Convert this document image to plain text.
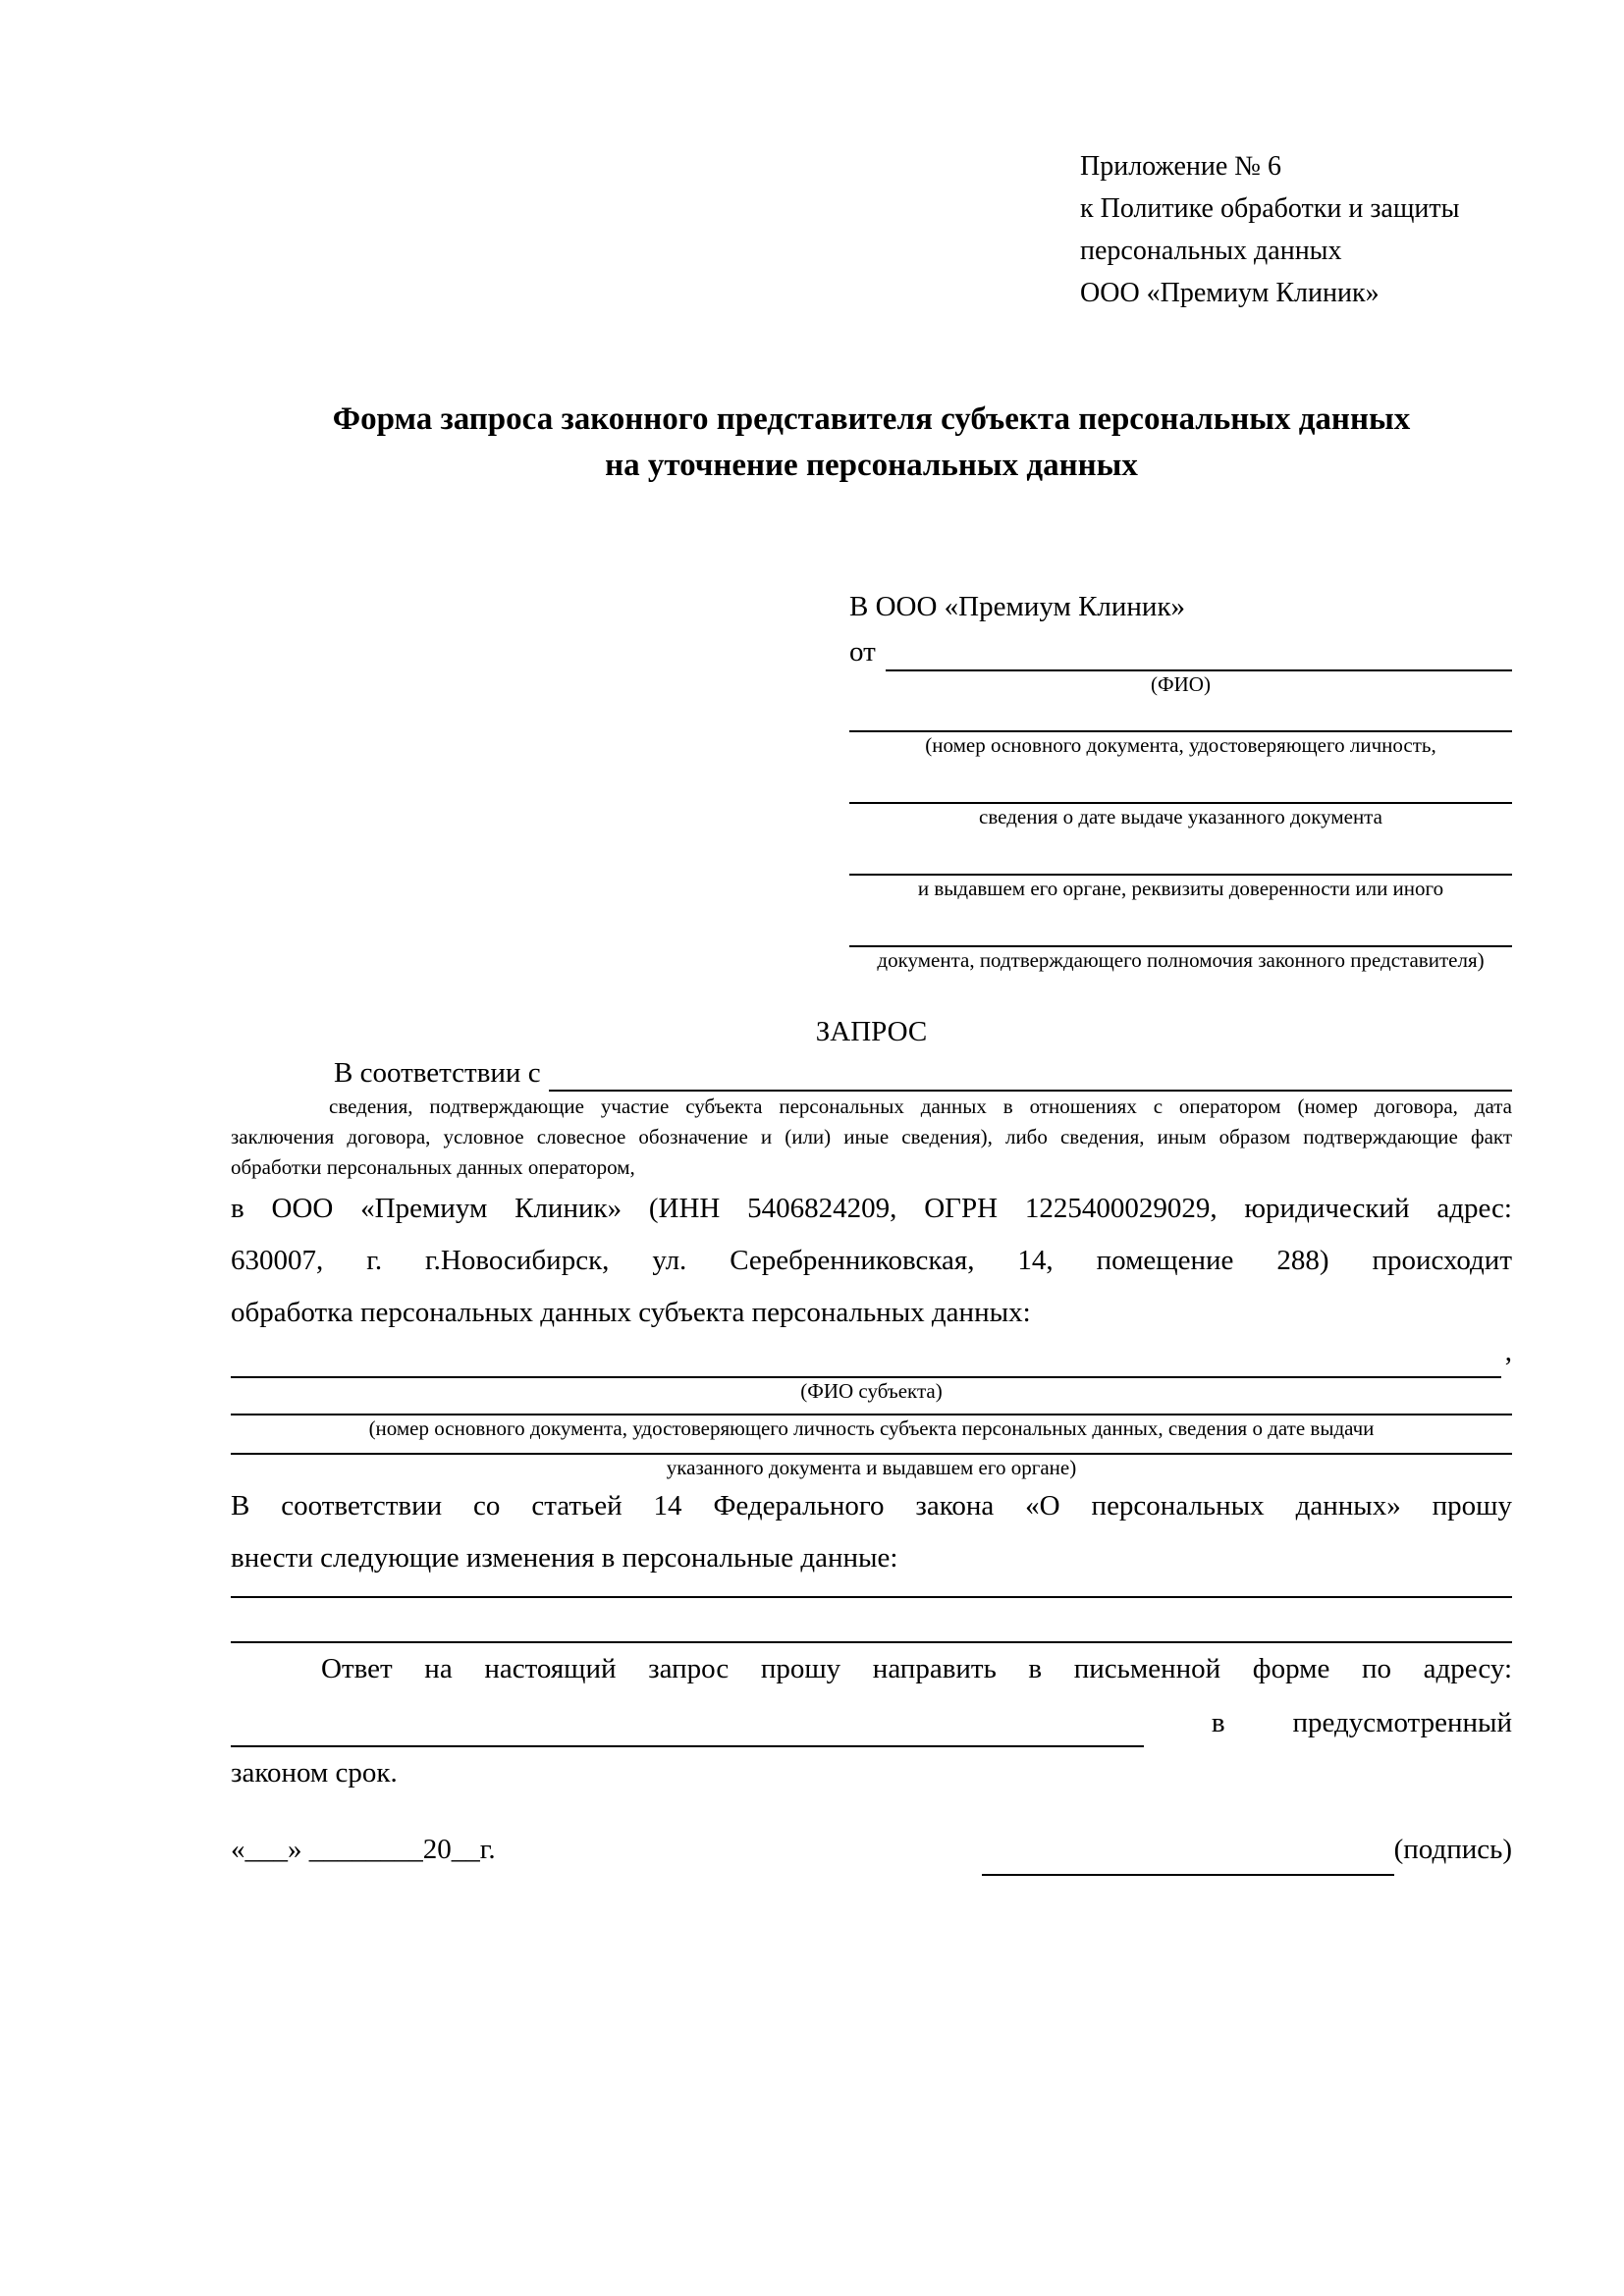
Приложение № 6
к Политике обработки и защиты
персональных данных
ООО «Премиум Клиник»
Форма запроса законного представителя субъекта персональных данных
на уточнение персональных данных
В ООО «Премиум Клиник»
от
(ФИО)
(номер основного документа, удостоверяющего личность,
сведения о дате выдаче указанного документа
и выдавшем его органе, реквизиты доверенности или иного
документа, подтверждающего полномочия законного представителя)
ЗАПРОС
В соответствии с
сведения, подтверждающие участие субъекта персональных данных в отношениях с оператором (номер договора, дата
заключения договора, условное словесное обозначение и (или) иные сведения), либо сведения, иным образом подтверждающие факт
обработки персональных данных оператором,
в ООО «Премиум Клиник» (ИНН 5406824209, ОГРН 1225400029029, юридический адрес:
630007, г. г.Новосибирск, ул. Серебренниковская, 14, помещение 288) происходит
обработка персональных данных субъекта персональных данных:
,
(ФИО субъекта)
(номер основного документа, удостоверяющего личность субъекта персональных данных, сведения о дате выдачи
указанного документа и выдавшем его органе)
В соответствии со статьей 14 Федерального закона «О персональных данных» прошу
внести следующие изменения в персональные данные:
Ответ на настоящий запрос прошу направить в письменной форме по адресу:
в предусмотренный
законом срок.
«___» ________20__г.	(подпись)
